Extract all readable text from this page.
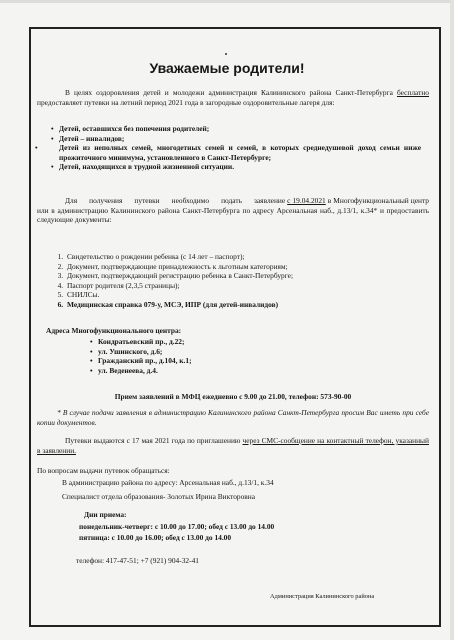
Уважаемые родители!
В целях оздоровления детей и молодежи администрация Калининского района Санкт-Петербурга бесплатно предоставляет путевки на летний период 2021 года в загородные оздоровительные лагеря для:
• Детей, оставшихся без попечения родителей;
• Детей – инвалидов;
• Детей из неполных семей, многодетных семей и семей, в которых среднедушевой доход семьи ниже прожиточного минимума, установленного в Санкт-Петербурге;
• Детей, находящихся в трудной жизненной ситуации.
Для получения путевки необходимо подать заявление с 19.04.2021 в Многофункциональный центр или в администрацию Калининского района Санкт-Петербурга по адресу Арсенальная наб., д.13/1, к.34* и предоставить следующие документы:
1. Свидетельство о рождении ребенка (с 14 лет – паспорт);
2. Документ, подтверждающие принадлежность к льготным категориям;
3. Документ, подтверждающий регистрацию ребенка в Санкт-Петербурге;
4. Паспорт родителя (2,3,5 страницы);
5. СНИЛСы.
6. Медицинская справка 079-у, МСЭ, ИПР (для детей-инвалидов)
Адреса Многофункционального центра:
• Кондратьевский пр., д.22;
• ул. Ушинского, д.6;
• Гражданский пр., д.104, к.1;
• ул. Веденеева, д.4.
Прием заявлений в МФЦ ежедневно с 9.00 до 21.00, телефон: 573-90-00
* В случае подачи заявления в администрацию Калининского района Санкт-Петербурга просим Вас иметь при себе копии документов.
Путевки выдаются с 17 мая 2021 года по приглашению через СМС-сообщение на контактный телефон, указанный в заявлении.
По вопросам выдачи путевок обращаться:
В администрацию района по адресу: Арсенальная наб., д.13/1, к.34
Специалист отдела образования- Золотых Ирина Викторовна
Дни приема:
понедельник-четверг: с 10.00 до 17.00; обед с 13.00 до 14.00
пятница: с 10.00 до 16.00; обед с 13.00 до 14.00
телефон: 417-47-51; +7 (921) 904-32-41
Администрация Калининского района
